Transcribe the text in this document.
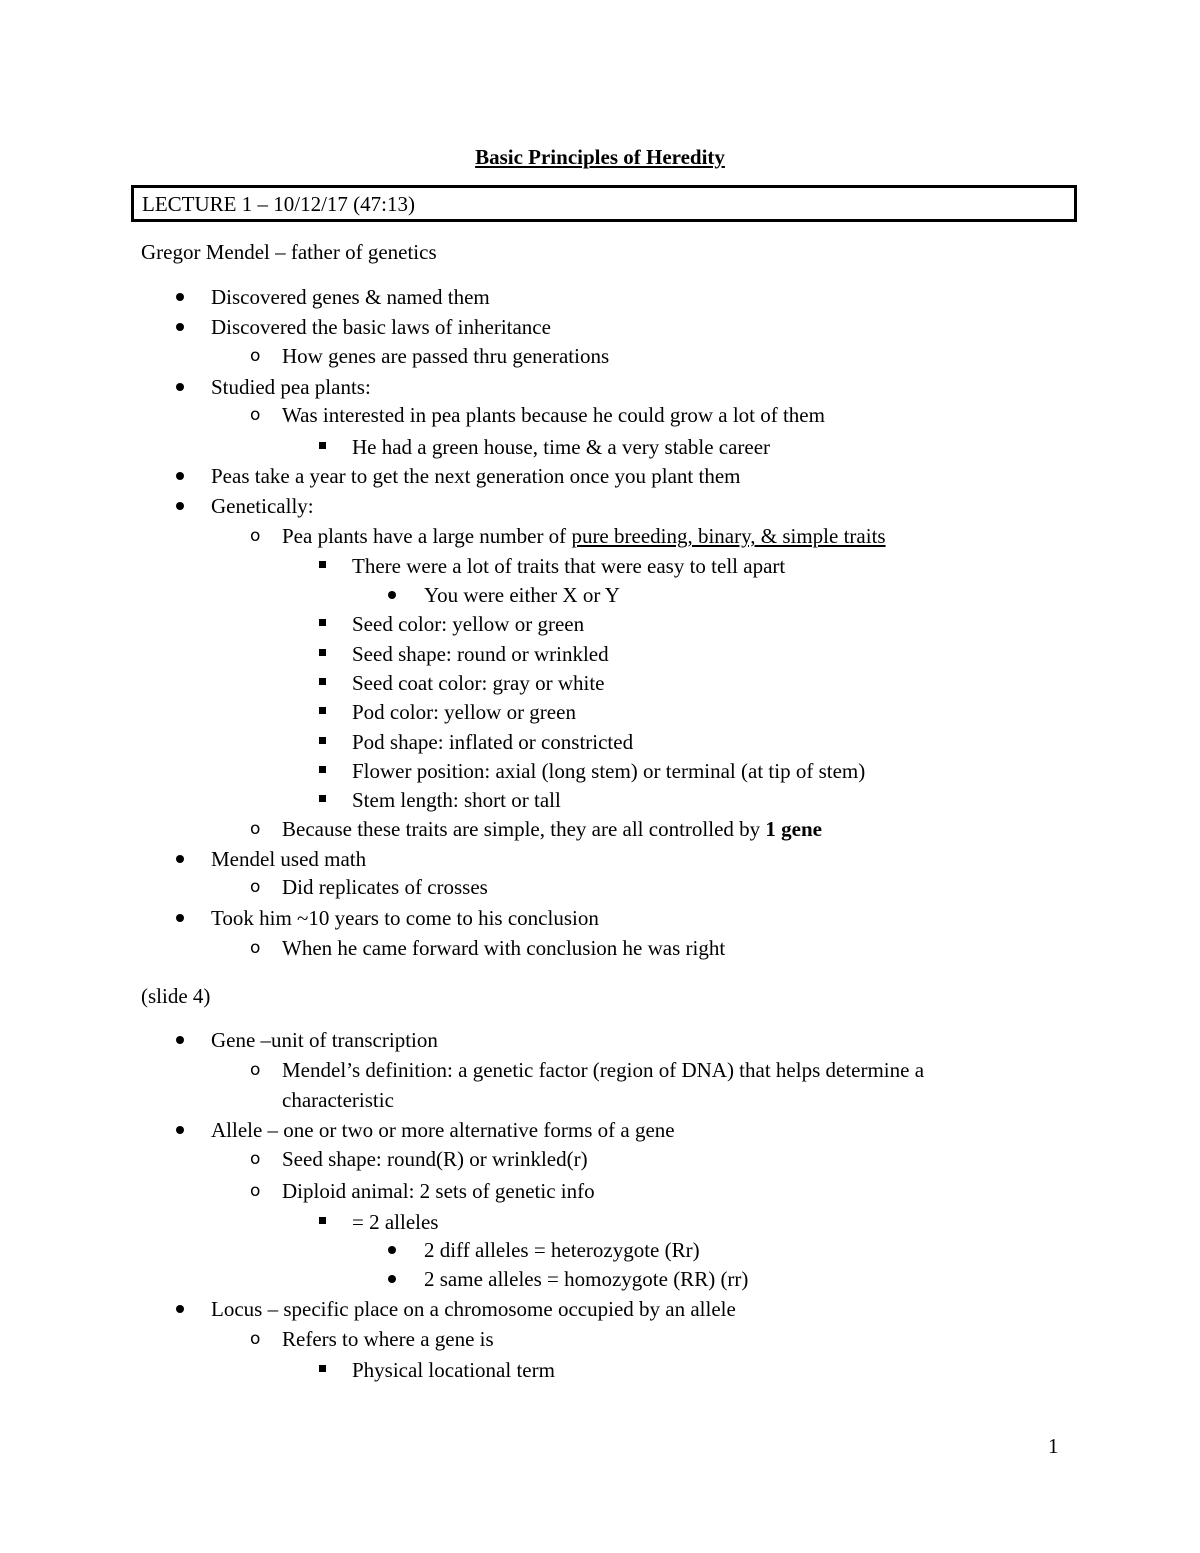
Basic Principles of Heredity
LECTURE 1 – 10/12/17 (47:13)
Gregor Mendel – father of genetics
Discovered genes & named them
Discovered the basic laws of inheritance
o How genes are passed thru generations
Studied pea plants:
o Was interested in pea plants because he could grow a lot of them
He had a green house, time & a very stable career
Peas take a year to get the next generation once you plant them
Genetically:
o Pea plants have a large number of pure breeding, binary, & simple traits
There were a lot of traits that were easy to tell apart
You were either X or Y
Seed color: yellow or green
Seed shape: round or wrinkled
Seed coat color: gray or white
Pod color: yellow or green
Pod shape: inflated or constricted
Flower position: axial (long stem) or terminal (at tip of stem)
Stem length: short or tall
o Because these traits are simple, they are all controlled by 1 gene
Mendel used math
o Did replicates of crosses
Took him ~10 years to come to his conclusion
o When he came forward with conclusion he was right
(slide 4)
Gene –unit of transcription
o Mendel’s definition: a genetic factor (region of DNA) that helps determine a
characteristic
Allele – one or two or more alternative forms of a gene
o Seed shape: round(R) or wrinkled(r)
o Diploid animal: 2 sets of genetic info
= 2 alleles
2 diff alleles = heterozygote (Rr)
2 same alleles = homozygote (RR) (rr)
Locus – specific place on a chromosome occupied by an allele
o Refers to where a gene is
Physical locational term
1
